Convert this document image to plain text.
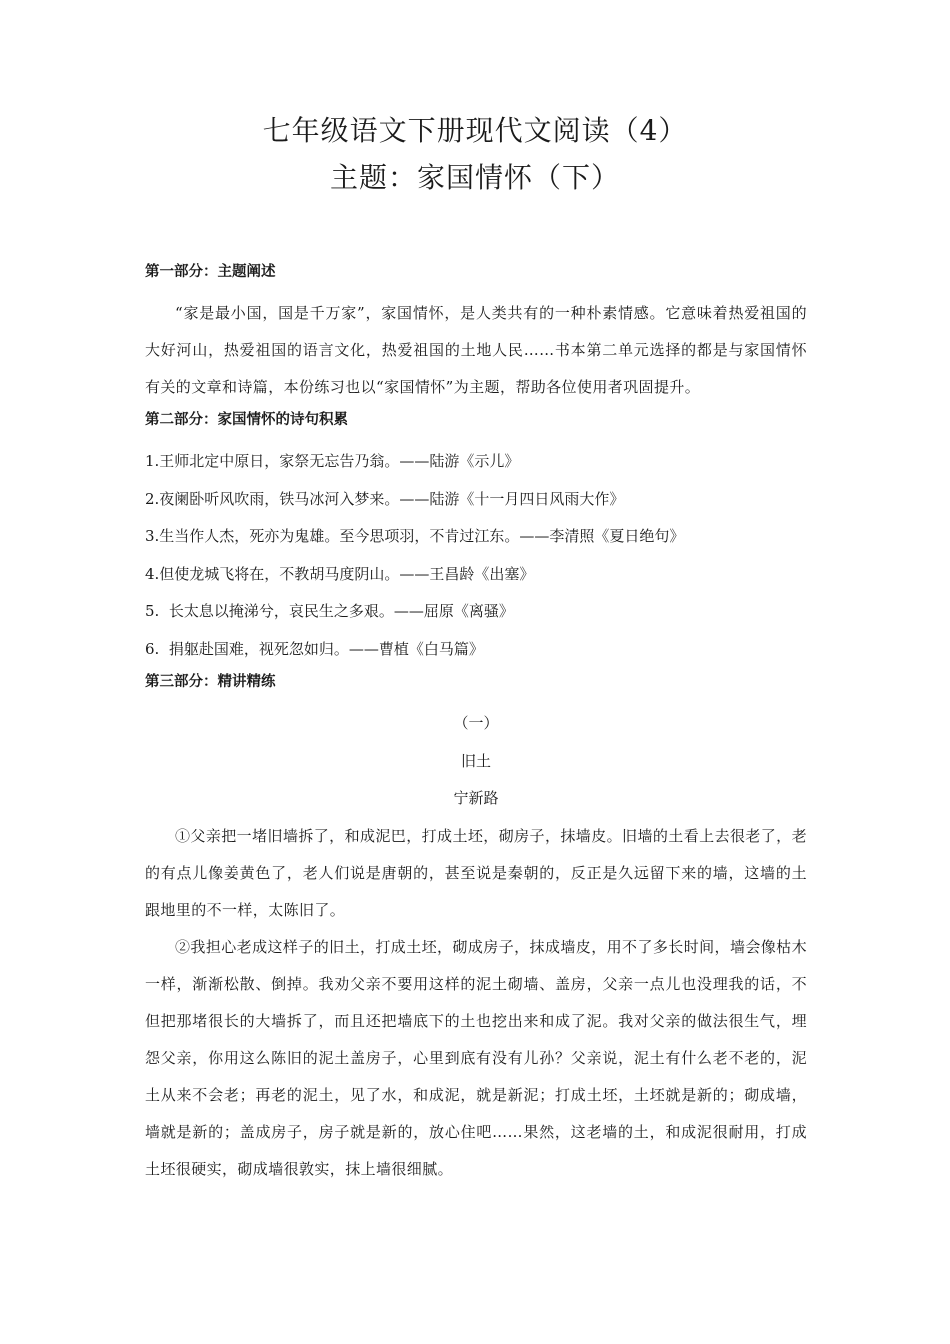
七年级语文下册现代文阅读（4）
主题：家国情怀（下）

第一部分：主题阐述

“家是最小国，国是千万家”，家国情怀，是人类共有的一种朴素情感。它意味着热爱祖国的大好河山，热爱祖国的语言文化，热爱祖国的土地人民……书本第二单元选择的都是与家国情怀有关的文章和诗篇，本份练习也以“家国情怀”为主题，帮助各位使用者巩固提升。

第二部分：家国情怀的诗句积累

1.王师北定中原日，家祭无忘告乃翁。——陆游《示儿》

2.夜阑卧听风吹雨，铁马冰河入梦来。——陆游《十一月四日风雨大作》

3.生当作人杰，死亦为鬼雄。至今思项羽，不肯过江东。——李清照《夏日绝句》

4.但使龙城飞将在，不教胡马度阴山。——王昌龄《出塞》

5.  长太息以掩涕兮，哀民生之多艰。——屈原《离骚》

6.  捐躯赴国难，视死忽如归。——曹植《白马篇》

第三部分：精讲精练

（一）

旧土

宁新路

①父亲把一堵旧墙拆了，和成泥巴，打成土坯，砌房子，抹墙皮。旧墙的土看上去很老了，老的有点儿像姜黄色了，老人们说是唐朝的，甚至说是秦朝的，反正是久远留下来的墙，这墙的土跟地里的不一样，太陈旧了。

②我担心老成这样子的旧土，打成土坯，砌成房子，抹成墙皮，用不了多长时间，墙会像枯木一样，渐渐松散、倒掉。我劝父亲不要用这样的泥土砌墙、盖房，父亲一点儿也没理我的话，不但把那堵很长的大墙拆了，而且还把墙底下的土也挖出来和成了泥。我对父亲的做法很生气，埋怨父亲，你用这么陈旧的泥土盖房子，心里到底有没有儿孙？父亲说，泥土有什么老不老的，泥土从来不会老；再老的泥土，见了水，和成泥，就是新泥；打成土坯，土坯就是新的；砌成墙，墙就是新的；盖成房子，房子就是新的，放心住吧……果然，这老墙的土，和成泥很耐用，打成土坯很硬实，砌成墙很敦实，抹上墙很细腻。
